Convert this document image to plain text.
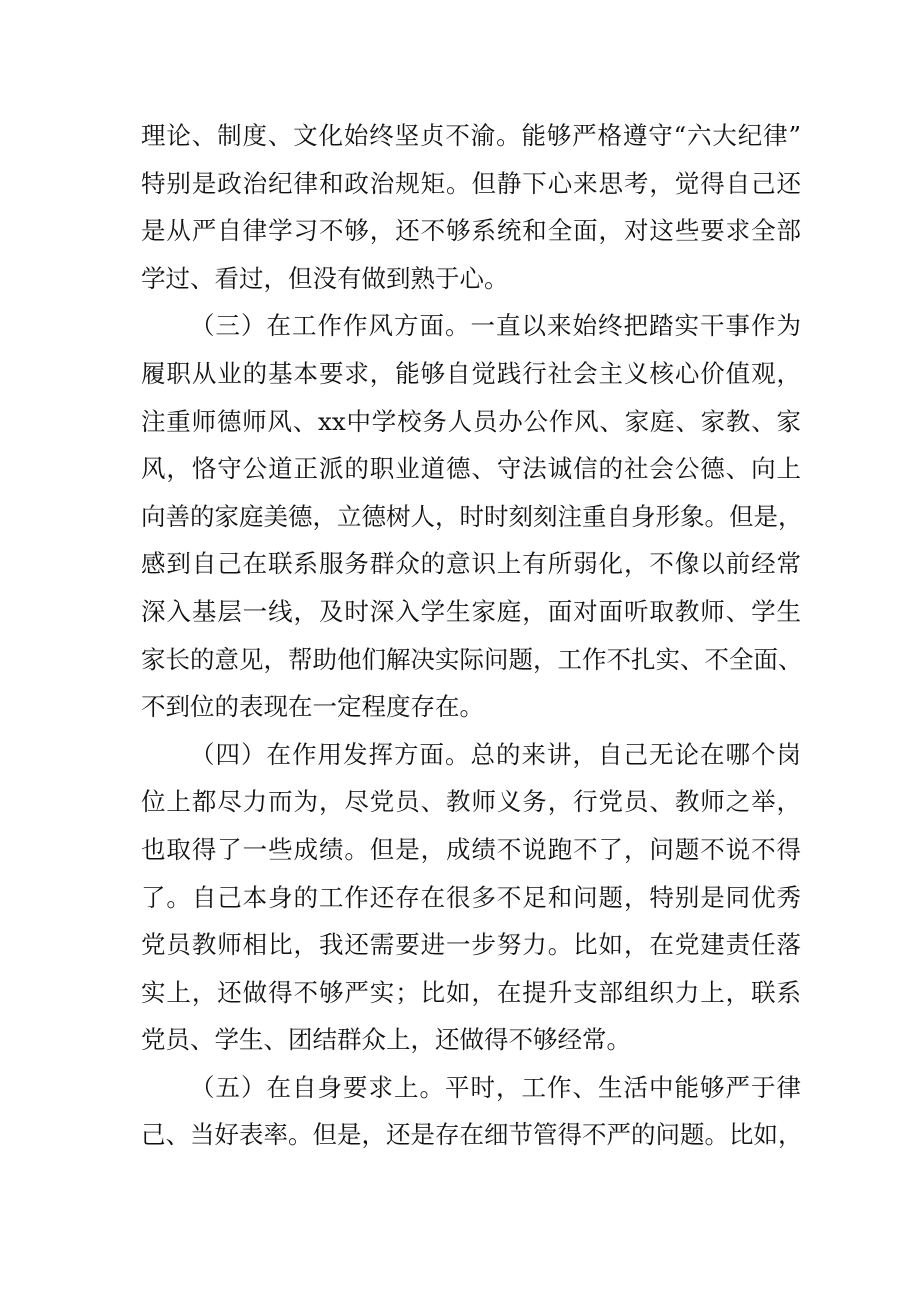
理论、制度、文化始终坚贞不渝。能够严格遵守“六大纪律”
特别是政治纪律和政治规矩。但静下心来思考，觉得自己还
是从严自律学习不够，还不够系统和全面，对这些要求全部
学过、看过，但没有做到熟于心。
（三）在工作作风方面。一直以来始终把踏实干事作为
履职从业的基本要求，能够自觉践行社会主义核心价值观，
注重师德师风、xx中学校务人员办公作风、家庭、家教、家
风，恪守公道正派的职业道德、守法诚信的社会公德、向上
向善的家庭美德，立德树人，时时刻刻注重自身形象。但是，
感到自己在联系服务群众的意识上有所弱化，不像以前经常
深入基层一线，及时深入学生家庭，面对面听取教师、学生
家长的意见，帮助他们解决实际问题，工作不扎实、不全面、
不到位的表现在一定程度存在。
（四）在作用发挥方面。总的来讲，自己无论在哪个岗
位上都尽力而为，尽党员、教师义务，行党员、教师之举，
也取得了一些成绩。但是，成绩不说跑不了，问题不说不得
了。自己本身的工作还存在很多不足和问题，特别是同优秀
党员教师相比，我还需要进一步努力。比如，在党建责任落
实上，还做得不够严实；比如，在提升支部组织力上，联系
党员、学生、团结群众上，还做得不够经常。
（五）在自身要求上。平时，工作、生活中能够严于律
己、当好表率。但是，还是存在细节管得不严的问题。比如，
